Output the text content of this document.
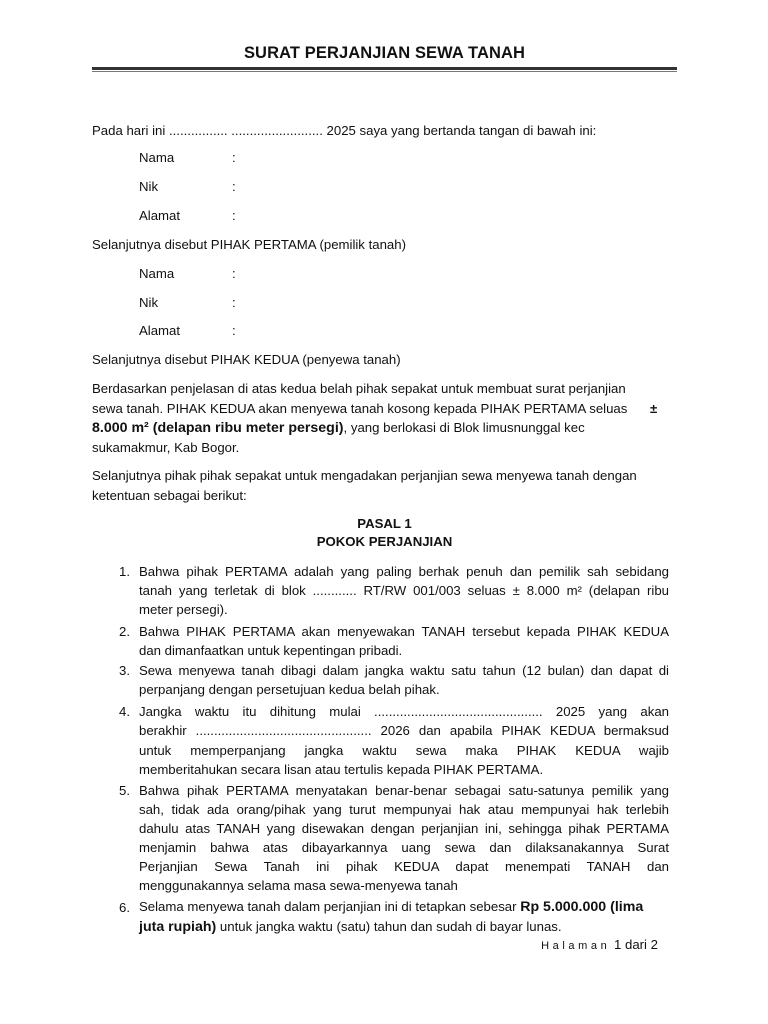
SURAT PERJANJIAN SEWA TANAH
Pada hari ini ................ ......................... 2025 saya yang bertanda tangan di bawah ini:
Nama	:
Nik	:
Alamat	:
Selanjutnya disebut PIHAK PERTAMA (pemilik tanah)
Nama	:
Nik	:
Alamat	:
Selanjutnya disebut PIHAK KEDUA (penyewa tanah)
Berdasarkan penjelasan di atas kedua belah pihak sepakat untuk membuat surat perjanjian
sewa tanah. PIHAK KEDUA akan menyewa tanah kosong kepada PIHAK PERTAMA seluas ±
8.000 m² (delapan ribu meter persegi), yang berlokasi di Blok limusnunggal kec
sukamakmur, Kab Bogor.
Selanjutnya pihak pihak sepakat untuk mengadakan perjanjian sewa menyewa tanah dengan
ketentuan sebagai berikut:
PASAL 1
POKOK PERJANJIAN
1. Bahwa pihak PERTAMA adalah yang paling berhak penuh dan pemilik sah sebidang
tanah yang terletak di blok ............ RT/RW 001/003 seluas ± 8.000 m² (delapan ribu
meter persegi).
2. Bahwa PIHAK PERTAMA akan menyewakan TANAH tersebut kepada PIHAK KEDUA
dan dimanfaatkan untuk kepentingan pribadi.
3. Sewa menyewa tanah dibagi dalam jangka waktu satu tahun (12 bulan) dan dapat di
perpanjang dengan persetujuan kedua belah pihak.
4. Jangka waktu itu dihitung mulai .............................................. 2025 yang akan
berakhir ................................................ 2026 dan apabila PIHAK KEDUA bermaksud
untuk memperpanjang jangka waktu sewa maka PIHAK KEDUA wajib
memberitahukan secara lisan atau tertulis kepada PIHAK PERTAMA.
5. Bahwa pihak PERTAMA menyatakan benar-benar sebagai satu-satunya pemilik yang
sah, tidak ada orang/pihak yang turut mempunyai hak atau mempunyai hak terlebih
dahulu atas TANAH yang disewakan dengan perjanjian ini, sehingga pihak PERTAMA
menjamin bahwa atas dibayarkannya uang sewa dan dilaksanakannya Surat
Perjanjian Sewa Tanah ini pihak KEDUA dapat menempati TANAH dan
menggunakannya selama masa sewa-menyewa tanah
6. Selama menyewa tanah dalam perjanjian ini di tetapkan sebesar Rp 5.000.000 (lima
juta rupiah) untuk jangka waktu (satu) tahun dan sudah di bayar lunas.
Halaman 1 dari 2
